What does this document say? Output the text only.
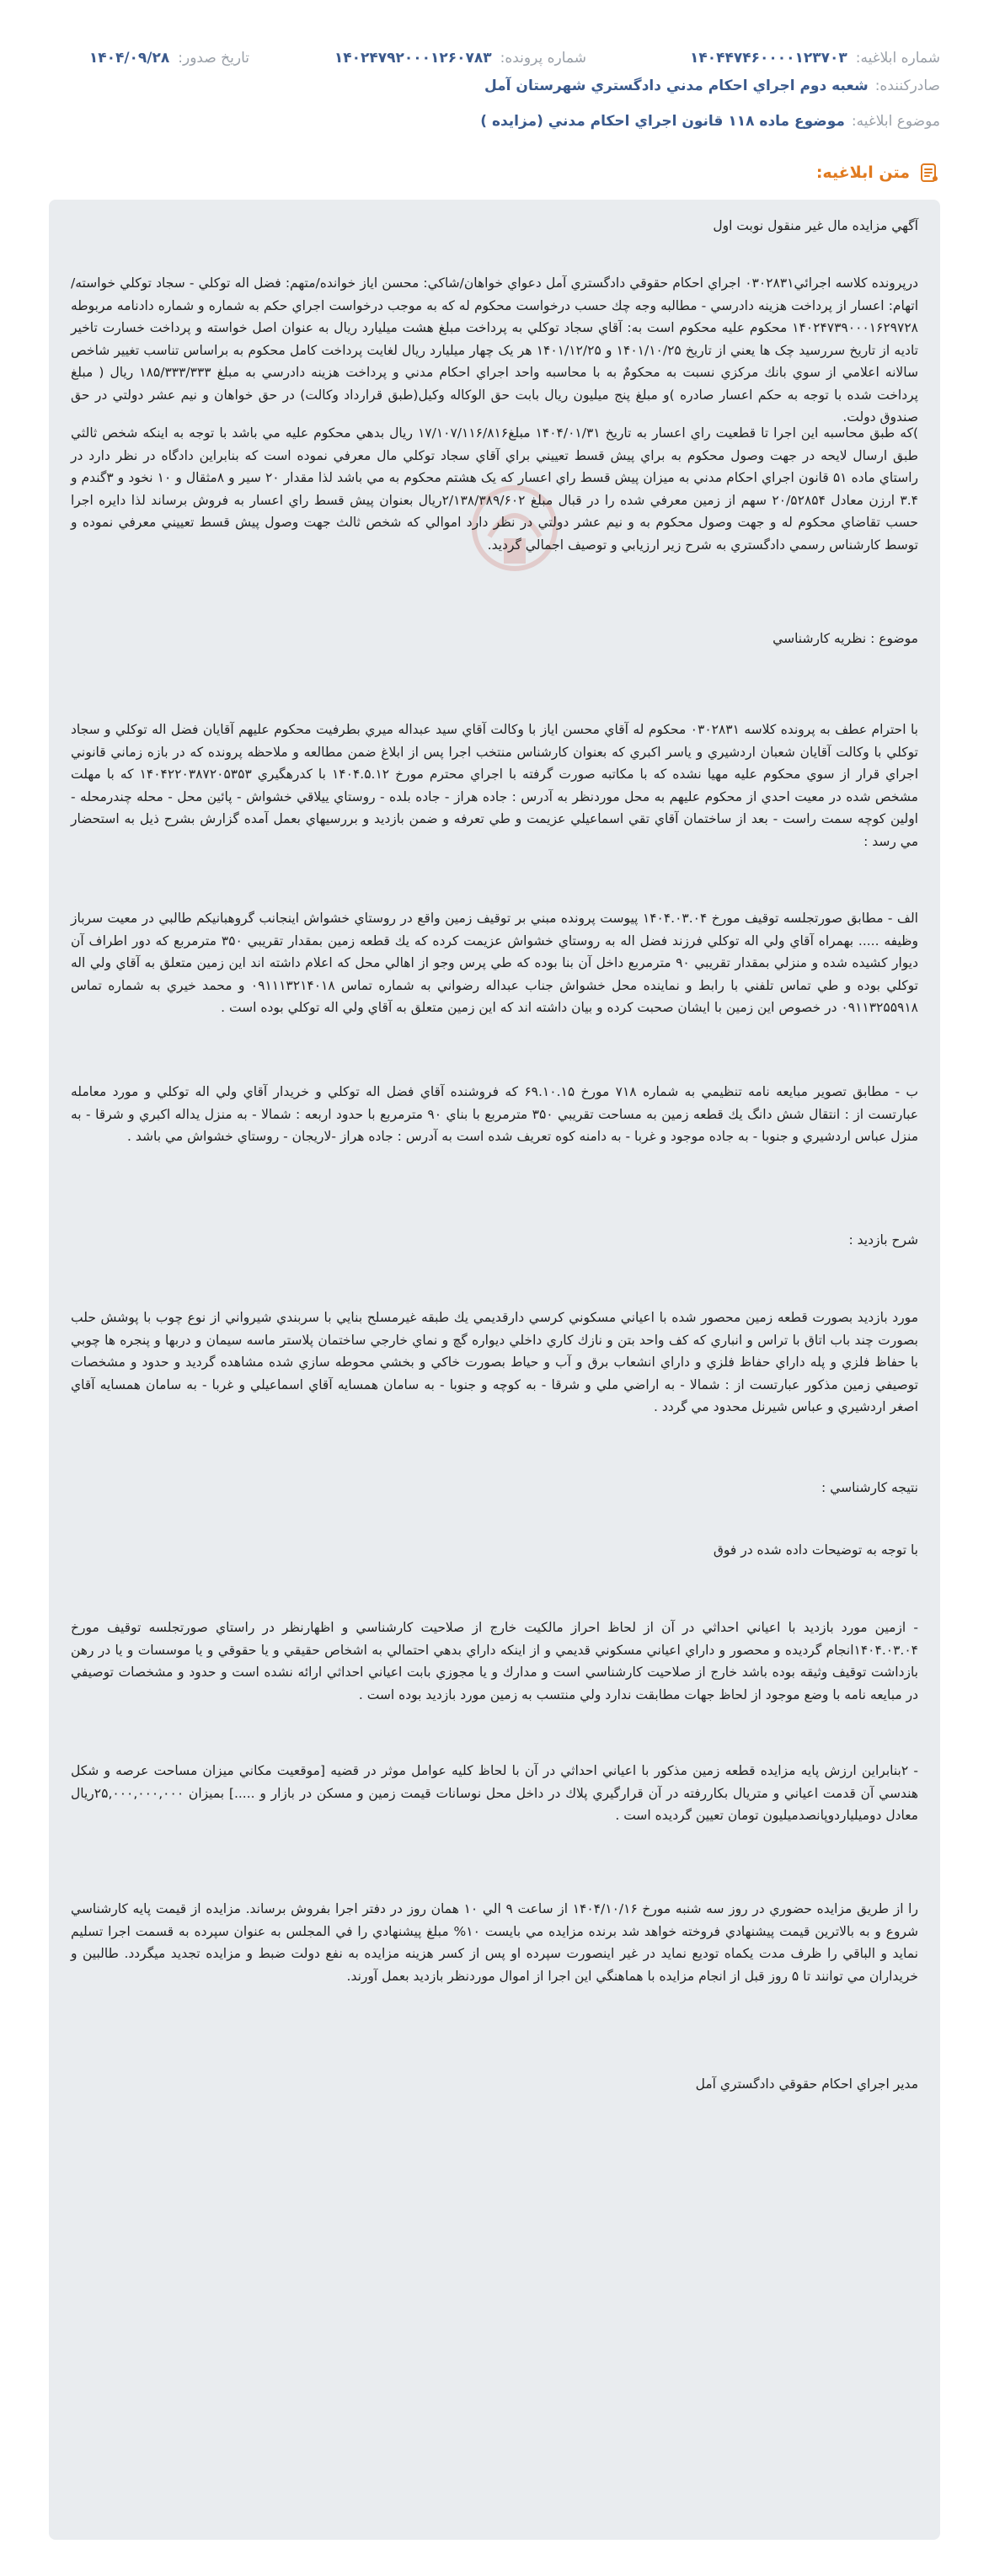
شماره ابلاغیه:
۱۴۰۴۴۷۴۶۰۰۰۰۱۲۳۷۰۳
شماره پرونده:
۱۴۰۲۴۷۹۲۰۰۰۱۲۶۰۷۸۳
تاریخ صدور:
۱۴۰۴/۰۹/۲۸
صادرکننده:
شعبه دوم اجراي احكام مدني دادگستري شهرستان آمل
موضوع ابلاغیه:
موضوع ماده ۱۱۸ قانون اجراي احكام مدني (مزايده )
متن ابلاغیه:
آگهي مزايده مال غير منقول نوبت اول
درپرونده كلاسه اجرائي۰۳۰۲۸۳۱ اجراي احكام حقوقي دادگستري آمل دعواي خواهان/شاكي: محسن اياز خوانده/متهم: فضل اله توكلي - سجاد توكلي خواسته/اتهام: اعسار از پرداخت هزينه دادرسي - مطالبه وجه چك حسب درخواست محكوم له كه به موجب درخواست اجراي حكم به شماره و شماره دادنامه مربوطه ۱۴۰۲۴۷۳۹۰۰۰۱۶۲۹۷۲۸ محکوم علیه محکوم است به: آقاي سجاد توكلي به پرداخت مبلغ هشت میلیارد ریال به عنوان اصل خواسته و پرداخت خسارت تاخير تاديه از تاريخ سررسيد چک ها يعني از تاريخ ۱۴۰۱/۱۰/۲۵ و ۱۴۰۱/۱۲/۲۵ هر يک چهار ميليارد ريال لغايت پرداخت كامل محكوم به براساس تناسب تغيير شاخص سالانه اعلامي از سوي بانك مركزي نسبت به محكومٌ به با محاسبه واحد اجراي احكام مدني و پرداخت هزينه دادرسي به مبلغ ۱۸۵/۳۳۳/۳۳۳ ريال ( مبلغ پرداخت شده با توجه به حكم اعسار صادره )و مبلغ پنج ميليون ريال بابت حق الوكاله وكيل(طبق قرارداد وكالت) در حق خواهان و نيم عشر دولتي در حق صندوق دولت.
)كه طبق محاسبه اين اجرا تا قطعيت راي اعسار به تاريخ ۱۴۰۴/۰۱/۳۱ مبلغ۱۷/۱۰۷/۱۱۶/۸۱۶ ريال بدهي محكوم عليه مي باشد با توجه به اينكه شخص ثالثي طبق ارسال لايحه در جهت وصول محكوم به براي پيش قسط تعييني براي آقاي سجاد توكلي مال معرفي نموده است كه بنابراين دادگاه در نظر دارد در راستاي ماده ۵۱ قانون اجراي احكام مدني به ميزان پيش قسط راي اعسار كه يک هشتم محكوم به مي باشد لذا مقدار ۲۰ سير و ۸مثقال و ۱۰ نخود و ۳گندم و ۳.۴ ارزن معادل ۲۰/۵۲۸۵۴ سهم از زمين معرفي شده را در قبال مبلغ ۲/۱۳۸/۳۸۹/۶۰۲ريال بعنوان پيش قسط راي اعسار به فروش برساند لذا دايره اجرا حسب تقاضاي محكوم له و جهت وصول محكوم به و نيم عشر دولتي در نظر دارد اموالي كه شخص ثالث جهت وصول پيش قسط تعييني معرفي نموده و توسط كارشناس رسمي دادگستري به شرح زير ارزيابي و توصيف اجمالي گرديد.
موضوع : نظريه كارشناسي
با احترام عطف به پرونده كلاسه ۰۳۰۲۸۳۱ محكوم له آقاي محسن اياز با وكالت آقاي سيد عبداله ميري بطرفيت محكوم عليهم آقايان فضل اله توكلي و سجاد توكلي با وكالت آقايان شعبان اردشيري و ياسر اكبري كه بعنوان كارشناس منتخب اجرا پس از ابلاغ ضمن مطالعه و ملاحظه پرونده كه در بازه زماني قانوني اجراي قرار از سوي محكوم عليه مهيا نشده كه با مكاتبه صورت گرفته با اجراي محترم مورخ ۱۴۰۴.۵.۱۲ با كدرهگيري ۱۴۰۴۲۲۰۳۸۷۲۰۵۳۵۳ كه با مهلت مشخص شده در معيت احدي از محكوم عليهم به محل موردنظر به آدرس : جاده هراز - جاده بلده - روستاي ييلاقي خشواش - پائين محل - محله چندرمحله - اولين كوچه سمت راست - بعد از ساختمان آقاي تقي اسماعيلي عزيمت و طي تعرفه و ضمن بازديد و بررسيهاي بعمل آمده گزارش بشرح ذيل به استحضار مي رسد :
الف - مطابق صورتجلسه توقيف مورخ ۱۴۰۴.۰۳.۰۴ پيوست پرونده مبني بر توقيف زمين واقع در روستاي خشواش اينجانب گروهبانيكم طالبي در معيت سرباز وظيفه ..... بهمراه آقاي ولي اله توكلي فرزند فضل اله به روستاي خشواش عزيمت كرده كه يك قطعه زمين بمقدار تقريبي ۳۵۰ مترمربع كه دور اطراف آن ديوار كشيده شده و منزلي بمقدار تقريبي ۹۰ مترمربع داخل آن بنا بوده كه طي پرس وجو از اهالي محل كه اعلام داشته اند اين زمين متعلق به آقاي ولي اله توكلي بوده و طي تماس تلفني با رابط و نماينده محل خشواش جناب عبداله رضواني به شماره تماس ۰۹۱۱۱۳۲۱۴۰۱۸ و محمد خيري به شماره تماس ۰۹۱۱۳۲۵۵۹۱۸ در خصوص اين زمين با ايشان صحبت كرده و بيان داشته اند كه اين زمين متعلق به آقاي ولي اله توكلي بوده است .
ب - مطابق تصوير مبايعه نامه تنظيمي به شماره ۷۱۸ مورخ ۶۹.۱۰.۱۵ كه فروشنده آقاي فضل اله توكلي و خريدار آقاي ولي اله توكلي و مورد معامله عبارتست از : انتقال شش دانگ يك قطعه زمين به مساحت تقريبي ۳۵۰ مترمربع با بناي ۹۰ مترمربع با حدود اربعه : شمالا - به منزل يداله اكبري و شرقا - به منزل عباس اردشيري و جنوبا - به جاده موجود و غربا - به دامنه كوه تعريف شده است به آدرس : جاده هراز -لاريجان - روستاي خشواش مي باشد .
شرح بازديد :
مورد بازديد بصورت قطعه زمين محصور شده با اعياني مسكوني كرسي دارقديمي يك طبقه غيرمسلح بنايي با سربندي شيرواني از نوع چوب با پوشش حلب بصورت چند باب اتاق با تراس و انباري كه كف واحد بتن و نازك كاري داخلي ديواره گچ و نماي خارجي ساختمان پلاستر ماسه سيمان و دربها و پنجره ها چوبي با حفاظ فلزي و پله داراي حفاظ فلزي و داراي انشعاب برق و آب و حياط بصورت خاكي و بخشي محوطه سازي شده مشاهده گرديد و حدود و مشخصات توصيفي زمين مذكور عبارتست از : شمالا - به اراضي ملي و شرقا - به كوچه و جنوبا - به سامان همسايه آقاي اسماعيلي و غربا - به سامان همسايه آقاي اصغر اردشيري و عباس شيرنل محدود مي گردد .
نتيجه كارشناسي :
با توجه به توضيحات داده شده در فوق
- ازمين مورد بازديد با اعياني احداثي در آن از لحاظ احراز مالكيت خارج از صلاحيت كارشناسي و اظهارنظر در راستاي صورتجلسه توقيف مورخ ۱۴۰۴.۰۳.۰۴انجام گرديده و محصور و داراي اعياني مسكوني قديمي و از اينكه داراي بدهي احتمالي به اشخاص حقيقي و يا حقوقي و يا موسسات و يا در رهن بازداشت توقيف وثيقه بوده باشد خارج از صلاحيت كارشناسي است و مدارك و يا مجوزي بابت اعياني احداثي ارائه نشده است و حدود و مشخصات توصيفي در مبايعه نامه با وضع موجود از لحاظ جهات مطابقت ندارد ولي منتسب به زمين مورد بازديد بوده است .
- ۲بنابراين ارزش پايه مزايده قطعه زمين مذكور با اعياني احداثي در آن با لحاظ كليه عوامل موثر در قضيه [موقعيت مكاني ميزان مساحت عرصه و شكل هندسي آن قدمت اعياني و متريال بكاررفته در آن قرارگيري پلاك در داخل محل نوسانات قيمت زمين و مسكن در بازار و .....] بميزان ۲۵,۰۰۰,۰۰۰,۰۰۰ريال معادل دوميلياردوپانصدميليون تومان تعيين گرديده است .
را از طريق مزايده حضوري در روز سه شنبه مورخ ۱۴۰۴/۱۰/۱۶ از ساعت ۹ الي ۱۰ همان روز در دفتر اجرا بفروش برساند. مزايده از قيمت پايه كارشناسي شروع و به بالاترين قيمت پيشنهادي فروخته خواهد شد برنده مزايده مي بايست ۱۰% مبلغ پيشنهادي را في المجلس به عنوان سپرده به قسمت اجرا تسليم نمايد و الباقي را ظرف مدت يكماه توديع نمايد در غير اينصورت سپرده او پس از كسر هزينه مزايده به نفع دولت ضبط و مزايده تجديد ميگردد. طالبين و خريداران مي توانند تا ۵ روز قبل از انجام مزايده با هماهنگي اين اجرا از اموال موردنظر بازديد بعمل آورند.
مدير اجراي احكام حقوقي دادگستري آمل
